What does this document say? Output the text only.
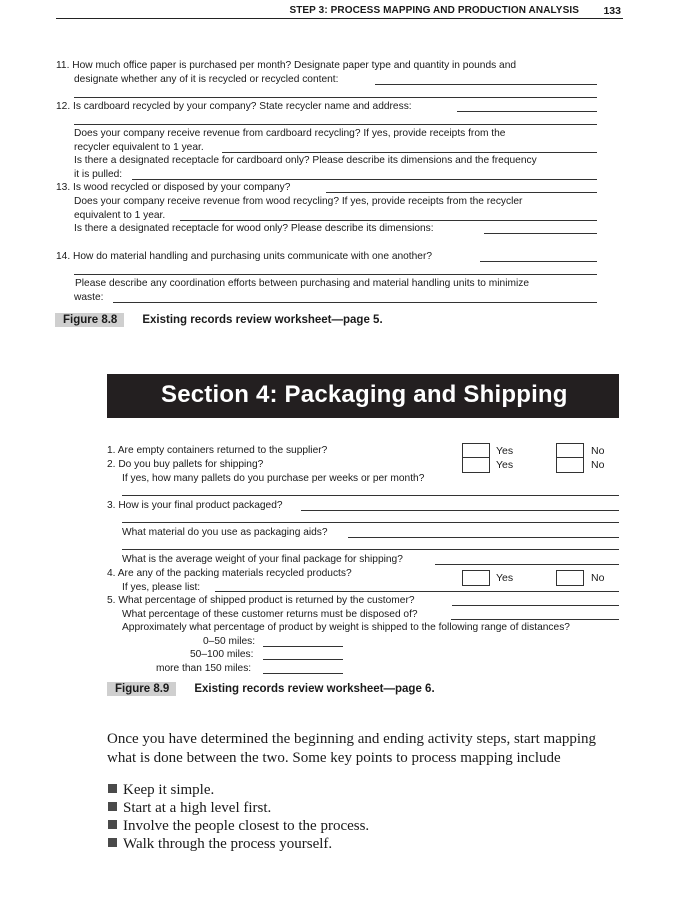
STEP 3: PROCESS MAPPING AND PRODUCTION ANALYSIS 133
11. How much office paper is purchased per month? Designate paper type and quantity in pounds and
designate whether any of it is recycled or recycled content:
12. Is cardboard recycled by your company? State recycler name and address:
Does your company receive revenue from cardboard recycling? If yes, provide receipts from the
recycler equivalent to 1 year.
Is there a designated receptacle for cardboard only? Please describe its dimensions and the frequency
it is pulled:
13. Is wood recycled or disposed by your company?
Does your company receive revenue from wood recycling? If yes, provide receipts from the recycler
equivalent to 1 year.
Is there a designated receptacle for wood only? Please describe its dimensions:
14. How do material handling and purchasing units communicate with one another?
Please describe any coordination efforts between purchasing and material handling units to minimize
waste:
Figure 8.8 Existing records review worksheet—page 5.
Section 4: Packaging and Shipping
1. Are empty containers returned to the supplier?	Yes	No
2. Do you buy pallets for shipping?	Yes	No
If yes, how many pallets do you purchase per weeks or per month?
3. How is your final product packaged?
What material do you use as packaging aids?
What is the average weight of your final package for shipping?
4. Are any of the packing materials recycled products?	Yes	No
If yes, please list:
5. What percentage of shipped product is returned by the customer?
What percentage of these customer returns must be disposed of?
Approximately what percentage of product by weight is shipped to the following range of distances?
0–50 miles:
50–100 miles:
more than 150 miles:
Figure 8.9 Existing records review worksheet—page 6.
Once you have determined the beginning and ending activity steps, start mapping what is done between the two. Some key points to process mapping include
Keep it simple.
Start at a high level first.
Involve the people closest to the process.
Walk through the process yourself.
